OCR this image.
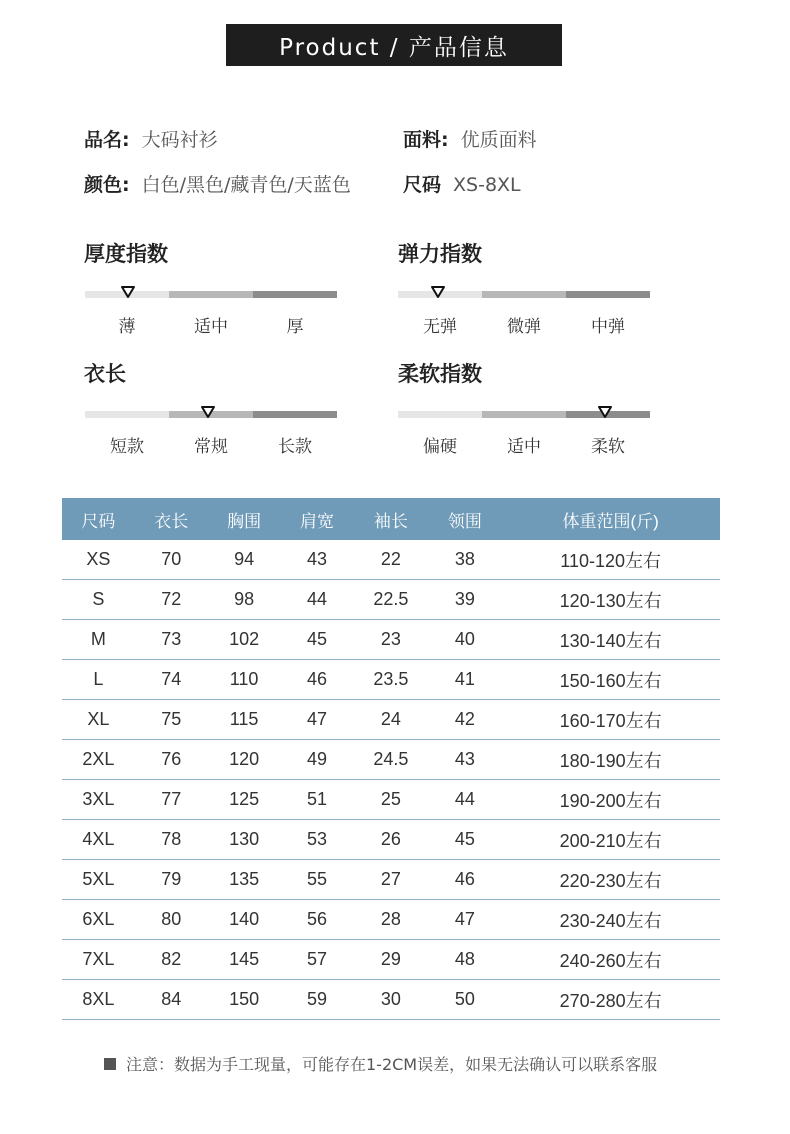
Product / 产品信息
品名: 大码衬衫	面料: 优质面料
颜色: 白色/黑色/藏青色/天蓝色	尺码 XS-8XL
厚度指数
薄	适中	厚
弹力指数
无弹	微弹	中弹
衣长
短款	常规	长款
柔软指数
偏硬	适中	柔软
尺码	衣长	胸围	肩宽	袖长	领围	体重范围(斤)
XS	70	94	43	22	38	110-120左右
S	72	98	44	22.5	39	120-130左右
M	73	102	45	23	40	130-140左右
L	74	110	46	23.5	41	150-160左右
XL	75	115	47	24	42	160-170左右
2XL	76	120	49	24.5	43	180-190左右
3XL	77	125	51	25	44	190-200左右
4XL	78	130	53	26	45	200-210左右
5XL	79	135	55	27	46	220-230左右
6XL	80	140	56	28	47	230-240左右
7XL	82	145	57	29	48	240-260左右
8XL	84	150	59	30	50	270-280左右
注意：数据为手工现量，可能存在1-2CM误差，如果无法确认可以联系客服
